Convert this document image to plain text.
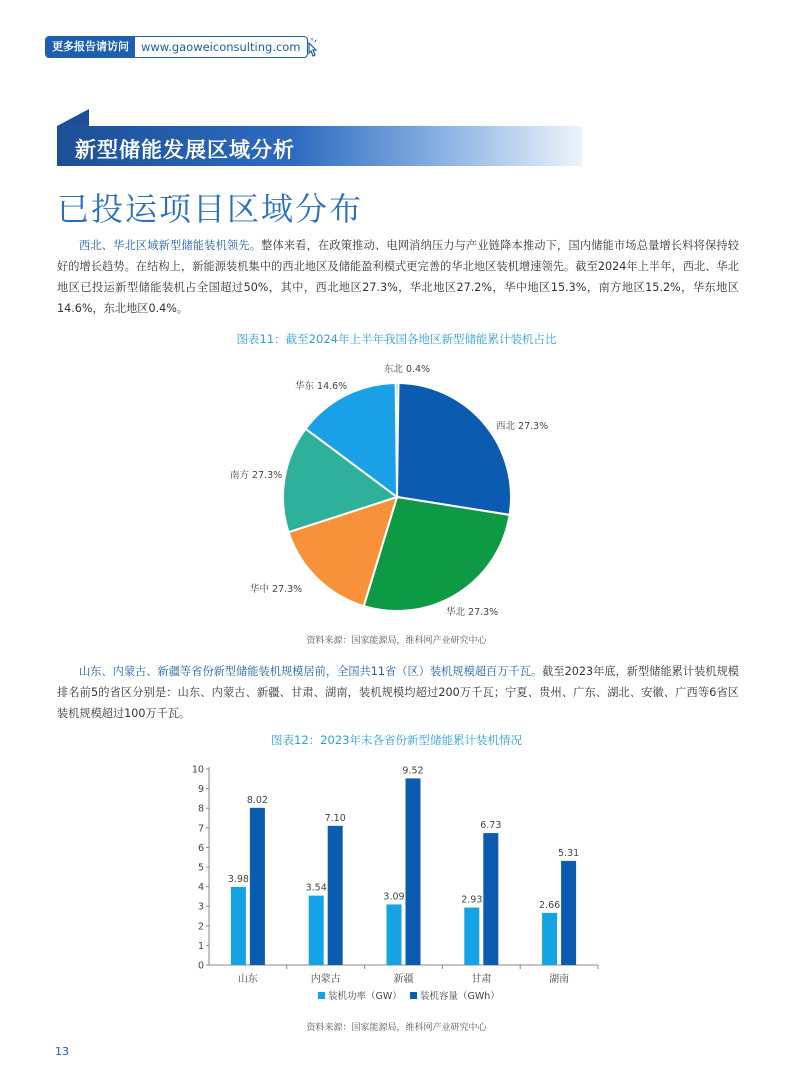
更多报告请访问	www.gaoweiconsulting.com
新型储能发展区域分析
已投运项目区域分布
西北、华北区域新型储能装机领先。整体来看，在政策推动、电网消纳压力与产业链降本推动下，国内储能市场总量增长料将保持较好的增长趋势。在结构上，新能源装机集中的西北地区及储能盈利模式更完善的华北地区装机增速领先。截至2024年上半年，西北、华北地区已投运新型储能装机占全国超过50%，其中，西北地区27.3%，华北地区27.2%，华中地区15.3%，南方地区15.2%，华东地区14.6%，东北地区0.4%。
图表11：截至2024年上半年我国各地区新型储能累计装机占比
东北 0.4%
西北 27.3%
华北 27.3%
华中 27.3%
南方 27.3%
华东 14.6%
资料来源：国家能源局，维科网产业研究中心
山东、内蒙古、新疆等省份新型储能装机规模居前，全国共11省（区）装机规模超百万千瓦。截至2023年底，新型储能累计装机规模排名前5的省区分别是：山东、内蒙古、新疆、甘肃、湖南，装机规模均超过200万千瓦；宁夏、贵州、广东、湖北、安徽、广西等6省区装机规模超过100万千瓦。
图表12：2023年末各省份新型储能累计装机情况
0
1
2
3
4
5
6
7
8
9
10
3.98
8.02
山东
3.54
7.10
内蒙古
3.09
9.52
新疆
2.93
6.73
甘肃
2.66
5.31
湖南
装机功率（GW） 装机容量（GWh）
资料来源：国家能源局，维科网产业研究中心
13
